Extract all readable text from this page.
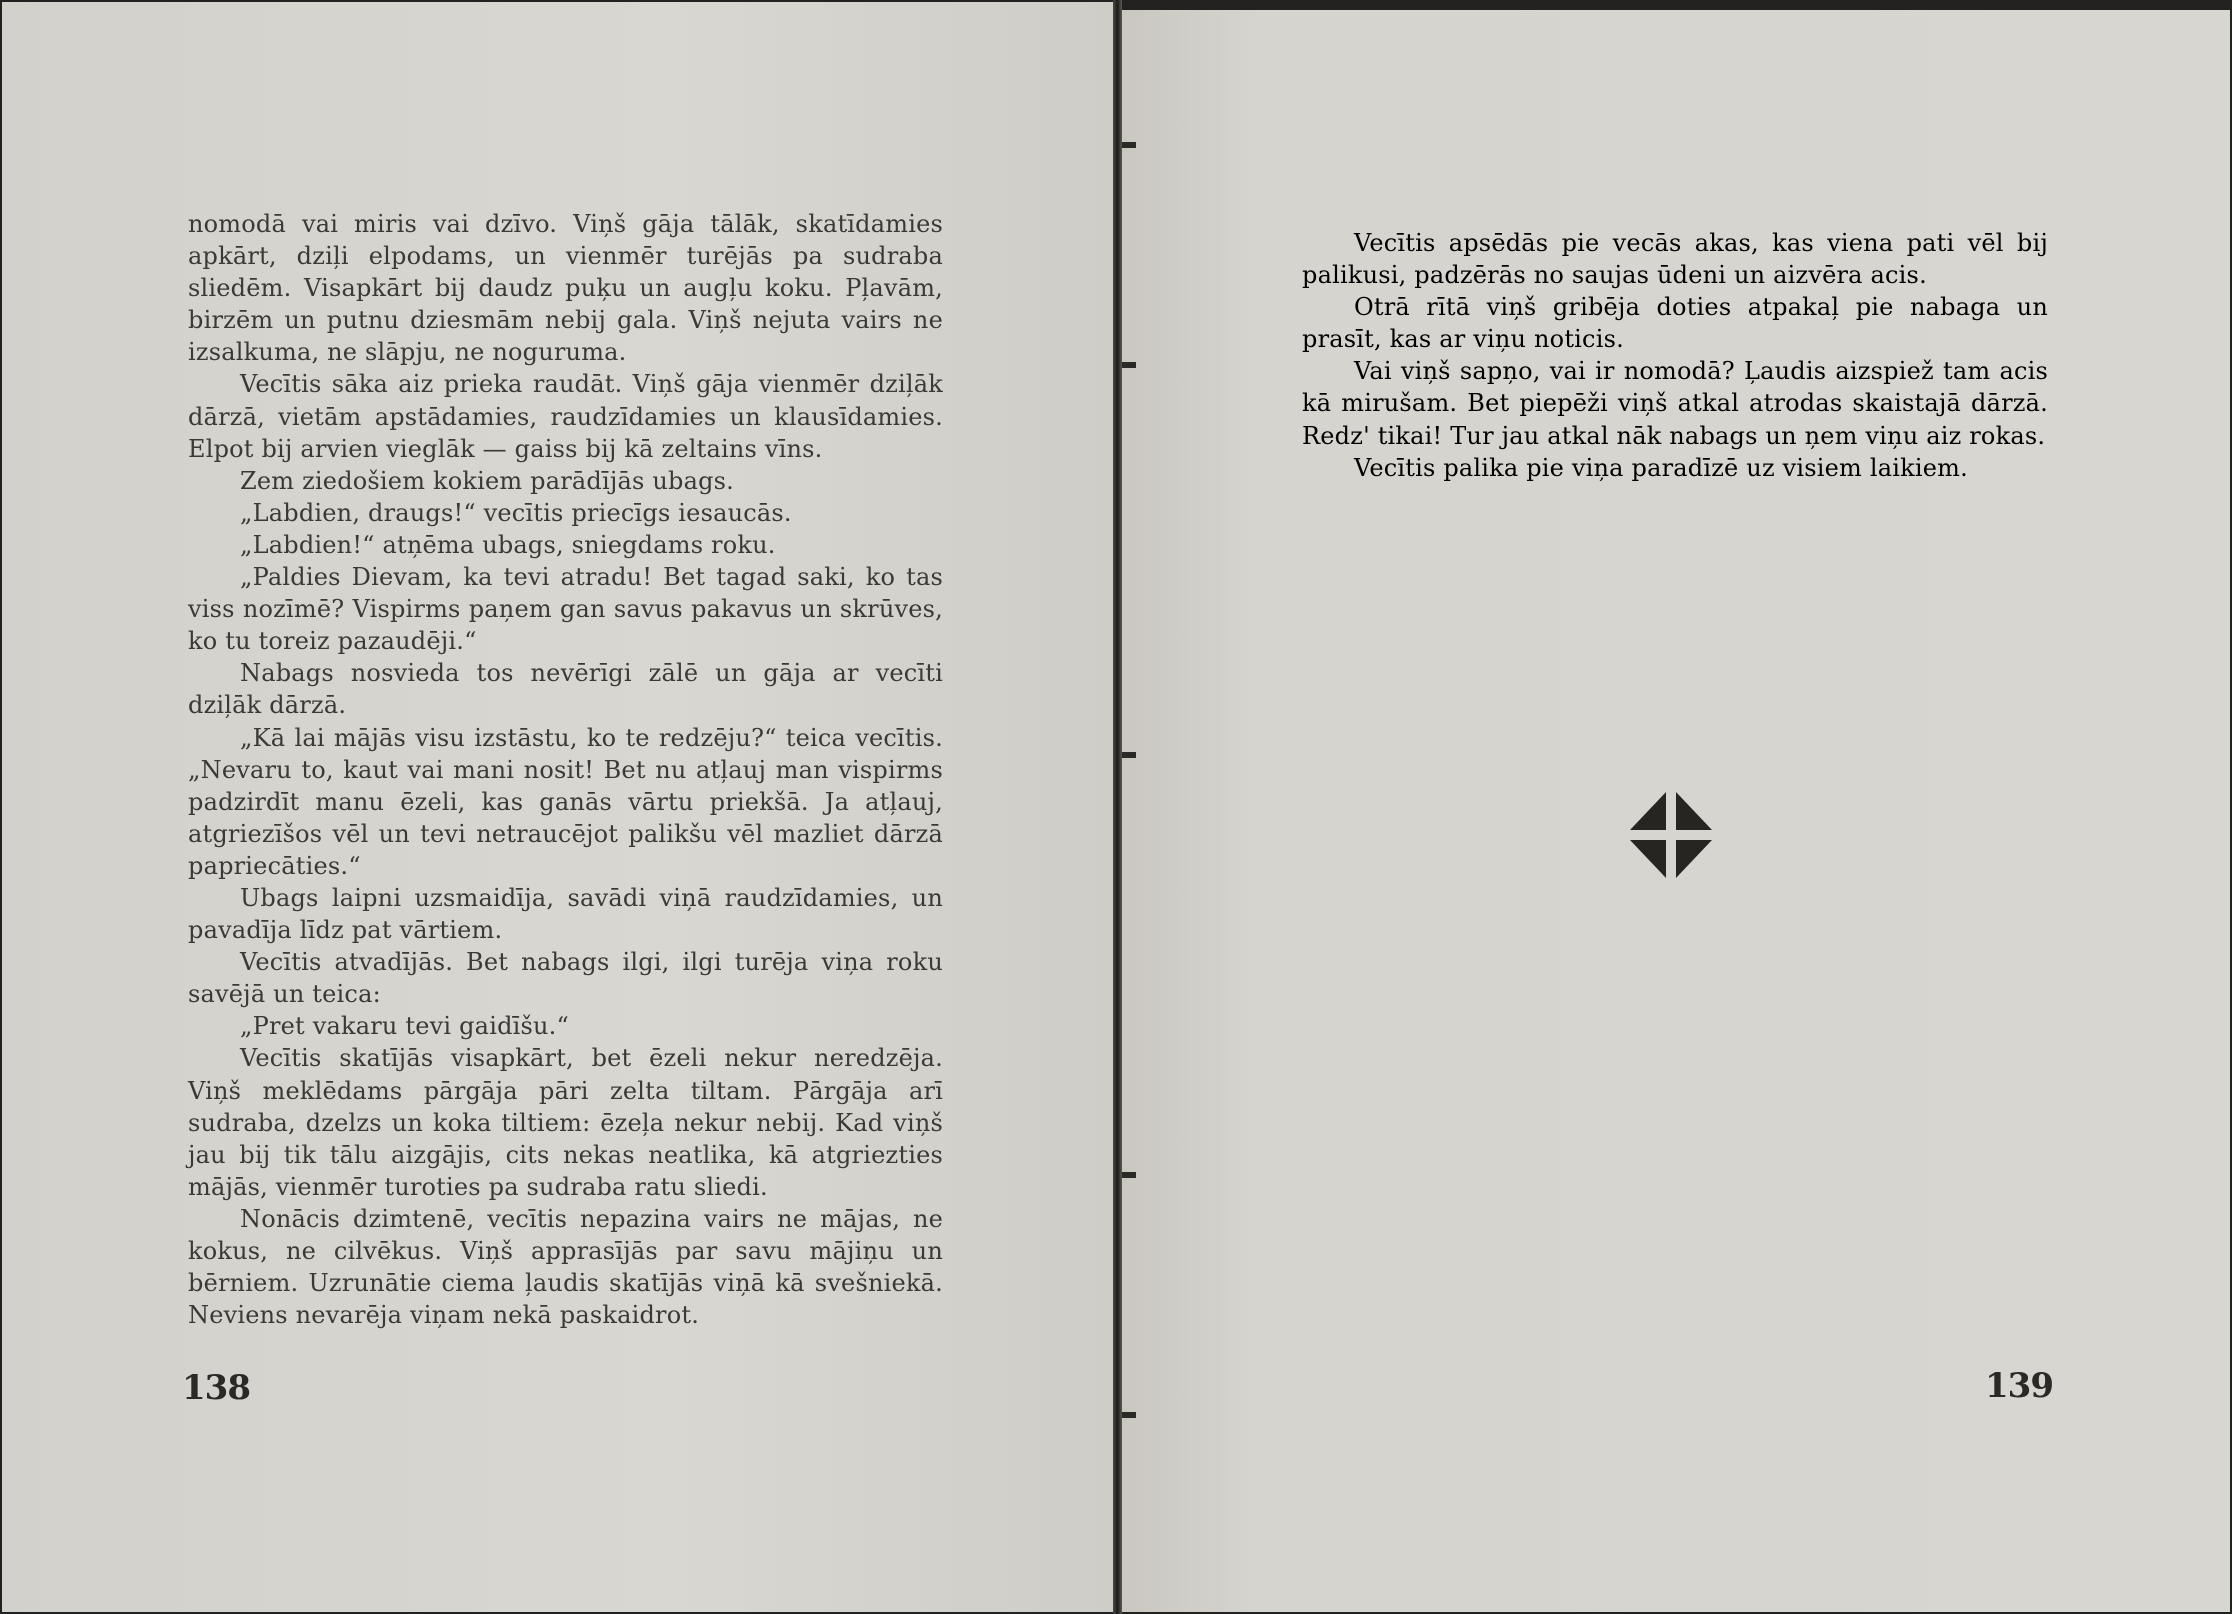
nomodā vai miris vai dzīvo. Viņš gāja tālāk, skatīdamies apkārt, dziļi elpodams, un vienmēr turējās pa sudraba sliedēm. Visapkārt bij daudz puķu un augļu koku. Pļavām, birzēm un putnu dziesmām nebij gala. Viņš nejuta vairs ne izsalkuma, ne slāpju, ne noguruma.

Vecītis sāka aiz prieka raudāt. Viņš gāja vienmēr dziļāk dārzā, vietām apstādamies, raudzīdamies un klausīdamies. Elpot bij arvien vieglāk — gaiss bij kā zeltains vīns.

Zem ziedošiem kokiem parādījās ubags.

„Labdien, draugs!“ vecītis priecīgs iesaucās.

„Labdien!“ atņēma ubags, sniegdams roku.

„Paldies Dievam, ka tevi atradu! Bet tagad saki, ko tas viss nozīmē? Vispirms paņem gan savus pakavus un skrūves, ko tu toreiz pazaudēji.“

Nabags nosvieda tos nevērīgi zālē un gāja ar vecīti dziļāk dārzā.

„Kā lai mājās visu izstāstu, ko te redzēju?“ teica vecītis. „Nevaru to, kaut vai mani nosit! Bet nu atļauj man vispirms padzirdīt manu ēzeli, kas ganās vārtu priekšā. Ja atļauj, atgriezīšos vēl un tevi netraucējot palikšu vēl mazliet dārzā papriecāties.“

Ubags laipni uzsmaidīja, savādi viņā raudzīdamies, un pavadīja līdz pat vārtiem.

Vecītis atvadījās. Bet nabags ilgi, ilgi turēja viņa roku savējā un teica:

„Pret vakaru tevi gaidīšu.“

Vecītis skatījās visapkārt, bet ēzeli nekur neredzēja. Viņš meklēdams pārgāja pāri zelta tiltam. Pārgāja arī sudraba, dzelzs un koka tiltiem: ēzeļa nekur nebij. Kad viņš jau bij tik tālu aizgājis, cits nekas neatlika, kā atgriezties mājās, vienmēr turoties pa sudraba ratu sliedi.

Nonācis dzimtenē, vecītis nepazina vairs ne mājas, ne kokus, ne cilvēkus. Viņš apprasījās par savu mājiņu un bērniem. Uzrunātie ciema ļaudis skatījās viņā kā svešniekā. Neviens nevarēja viņam nekā paskaidrot.

138

Vecītis apsēdās pie vecās akas, kas viena pati vēl bij palikusi, padzērās no saujas ūdeni un aizvēra acis.

Otrā rītā viņš gribēja doties atpakaļ pie nabaga un prasīt, kas ar viņu noticis.

Vai viņš sapņo, vai ir nomodā? Ļaudis aizspiež tam acis kā mirušam. Bet piepēži viņš atkal atrodas skaistajā dārzā. Redz' tikai! Tur jau atkal nāk nabags un ņem viņu aiz rokas.

Vecītis palika pie viņa paradīzē uz visiem laikiem.

139
